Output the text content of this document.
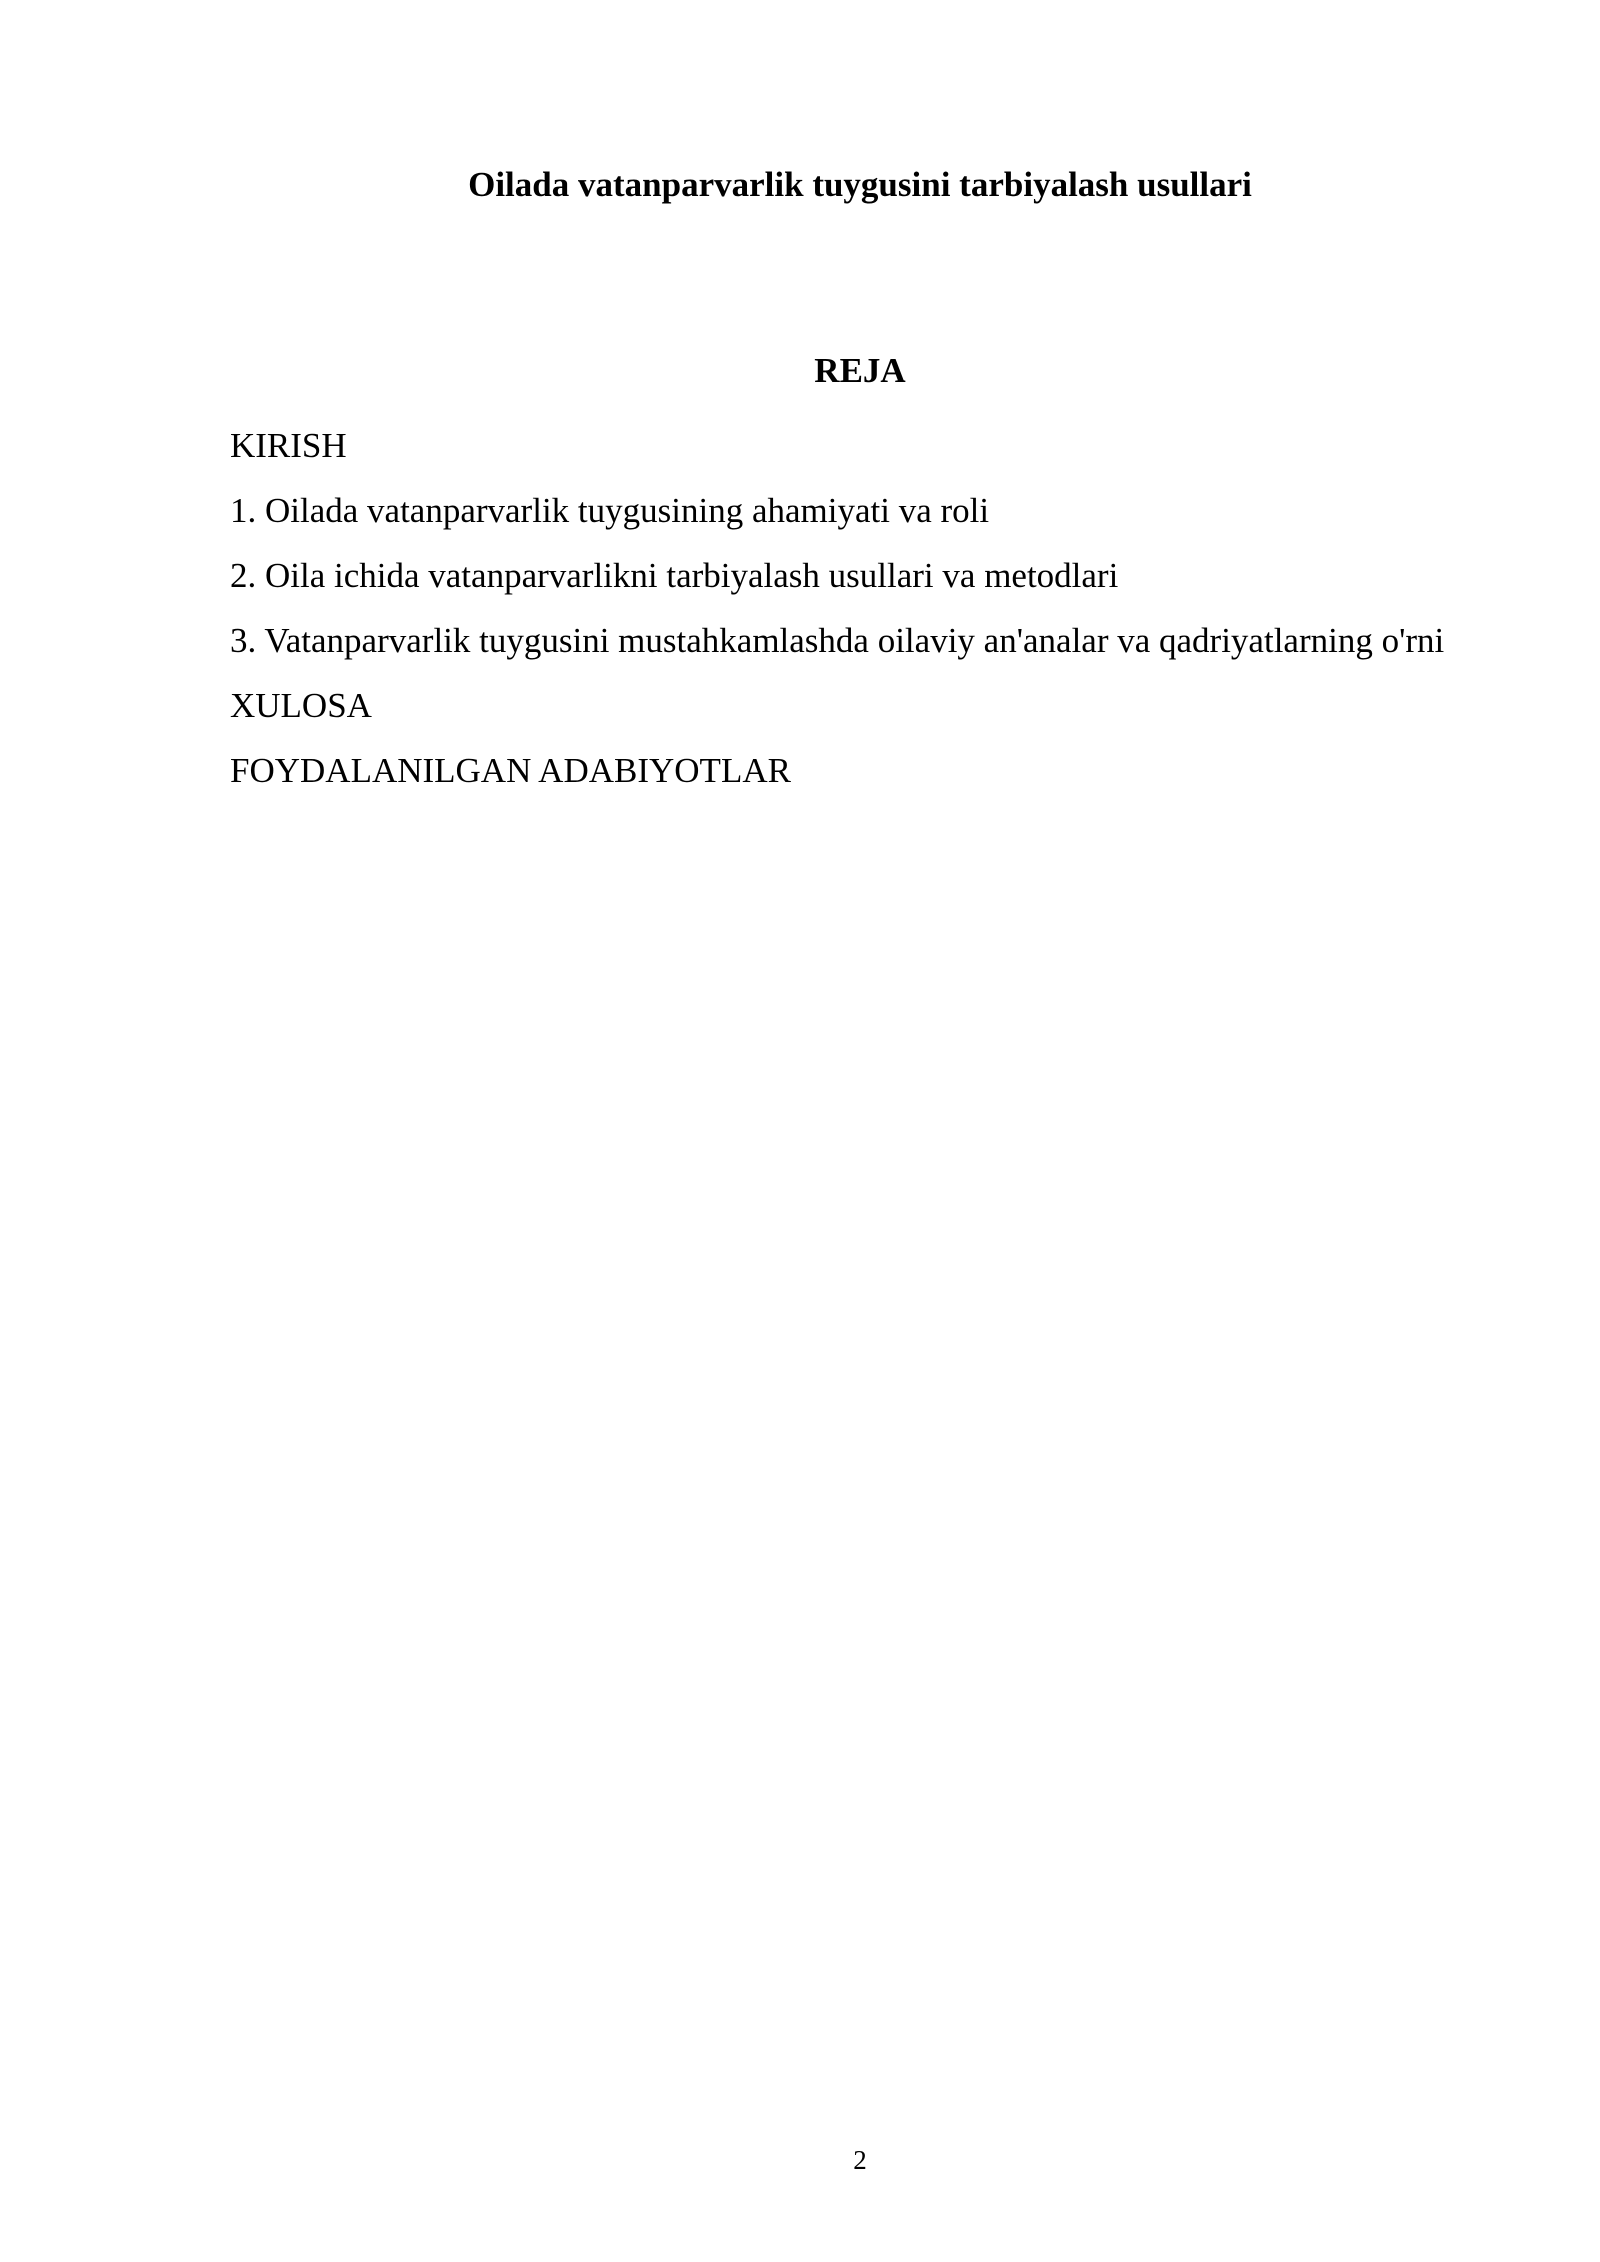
Oilada vatanparvarlik tuygusini tarbiyalash usullari
REJA
KIRISH
1. Oilada vatanparvarlik tuygusining ahamiyati va roli
2. Oila ichida vatanparvarlikni tarbiyalash usullari va metodlari
3. Vatanparvarlik tuygusini mustahkamlashda oilaviy an'analar va qadriyatlarning o'rni
XULOSA
FOYDALANILGAN ADABIYOTLAR
2
